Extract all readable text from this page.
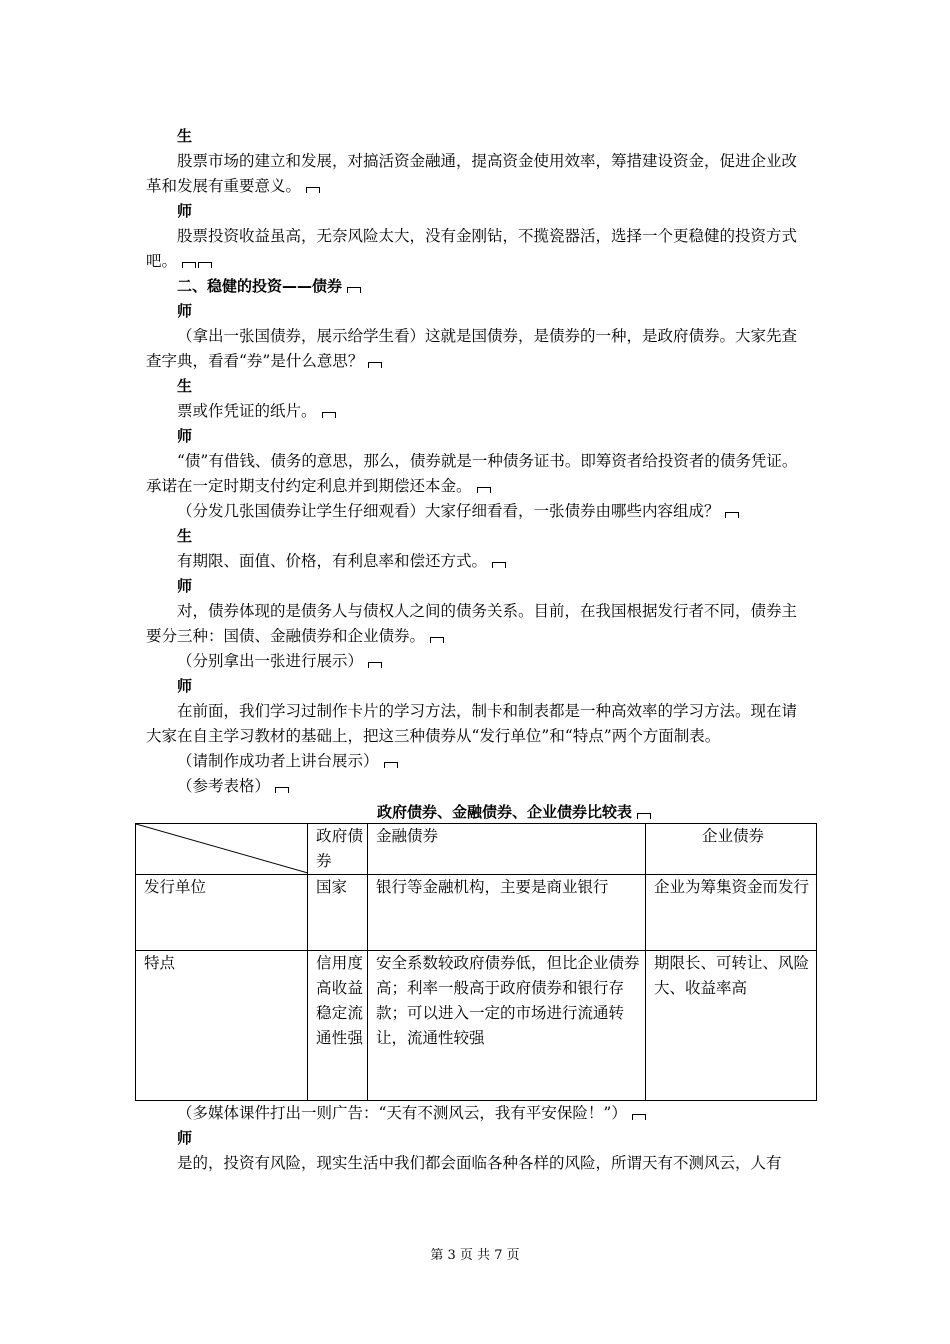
生

股票市场的建立和发展，对搞活资金融通，提高资金使用效率，筹措建设资金，促进企业改革和发展有重要意义。

师

股票投资收益虽高，无奈风险太大，没有金刚钻，不揽瓷器活，选择一个更稳健的投资方式吧。

二、稳健的投资——债券

师

（拿出一张国债券，展示给学生看）这就是国债券，是债券的一种，是政府债券。大家先查查字典，看看“券”是什么意思？

生

票或作凭证的纸片。

师

“债”有借钱、债务的意思，那么，债券就是一种债务证书。即筹资者给投资者的债务凭证。承诺在一定时期支付约定利息并到期偿还本金。

（分发几张国债券让学生仔细观看）大家仔细看看，一张债券由哪些内容组成？

生

有期限、面值、价格，有利息率和偿还方式。

师

对，债券体现的是债务人与债权人之间的债务关系。目前，在我国根据发行者不同，债券主要分三种：国债、金融债券和企业债券。

（分别拿出一张进行展示）

师

在前面，我们学习过制作卡片的学习方法，制卡和制表都是一种高效率的学习方法。现在请大家在自主学习教材的基础上，把这三种债券从“发行单位”和“特点”两个方面制表。

（请制作成功者上讲台展示）

（参考表格）

政府债券、金融债券、企业债券比较表

	政府债券	金融债券	企业债券
发行单位	国家	银行等金融机构，主要是商业银行	企业为筹集资金而发行
特点	信用度高收益稳定流通性强	安全系数较政府债券低，但比企业债券高；利率一般高于政府债券和银行存款；可以进入一定的市场进行流通转让，流通性较强	期限长、可转让、风险大、收益率高

（多媒体课件打出一则广告：“天有不测风云，我有平安保险！”）

师

是的，投资有风险，现实生活中我们都会面临各种各样的风险，所谓天有不测风云，人有

第 3 页 共 7 页
